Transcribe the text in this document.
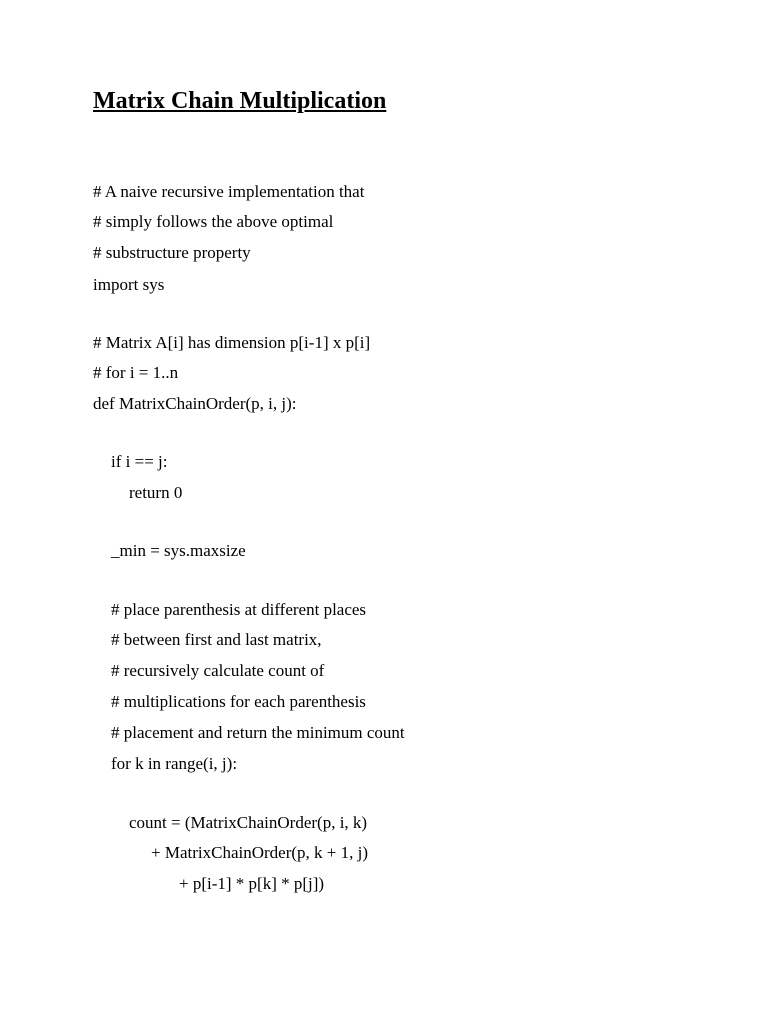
Matrix Chain Multiplication
# A naive recursive implementation that
# simply follows the above optimal
# substructure property
import sys
# Matrix A[i] has dimension p[i-1] x p[i]
# for i = 1..n
def MatrixChainOrder(p, i, j):
if i == j:
return 0
_min = sys.maxsize
# place parenthesis at different places
# between first and last matrix,
# recursively calculate count of
# multiplications for each parenthesis
# placement and return the minimum count
for k in range(i, j):
count = (MatrixChainOrder(p, i, k)
+ MatrixChainOrder(p, k + 1, j)
+ p[i-1] * p[k] * p[j])
